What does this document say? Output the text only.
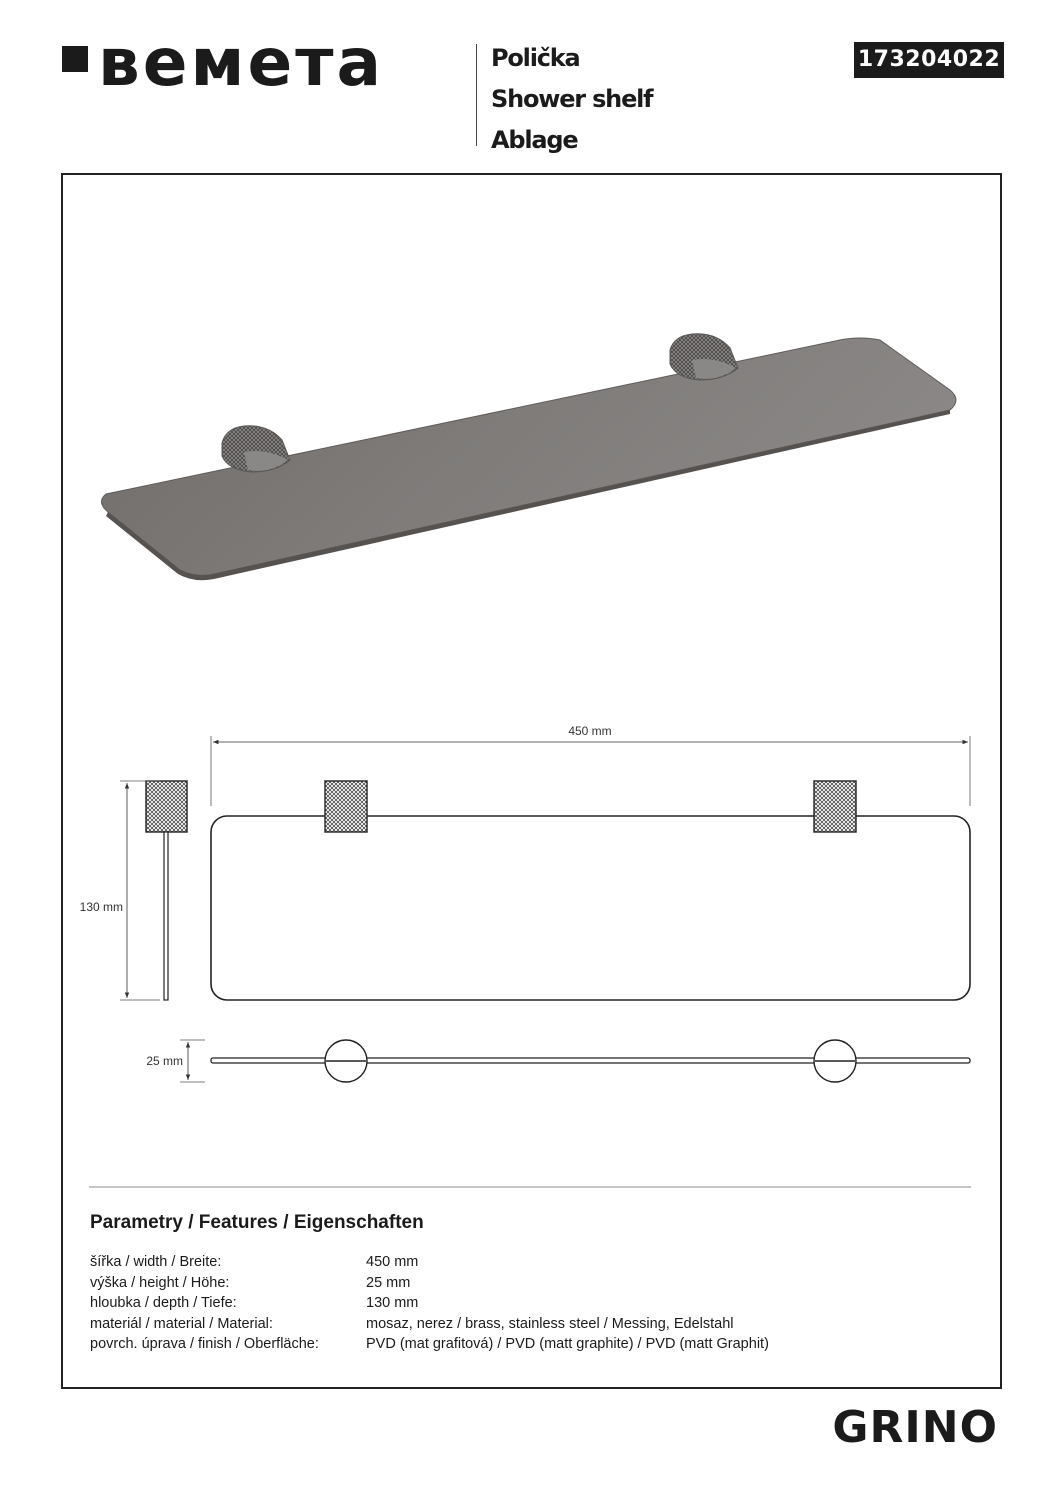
веметa	Polička
Shower shelf
Ablage
173204022
450 mm
130 mm
25 mm
Parametry / Features / Eigenschaften
šířka / width / Breite:	450 mm
výška / height / Höhe:	25 mm
hloubka / depth / Tiefe:	130 mm
materiál / material / Material:	mosaz, nerez / brass, stainless steel / Messing, Edelstahl
povrch. úprava / finish / Oberfläche:	PVD (mat grafitová) / PVD (matt graphite) / PVD (matt Graphit)
GRINO
